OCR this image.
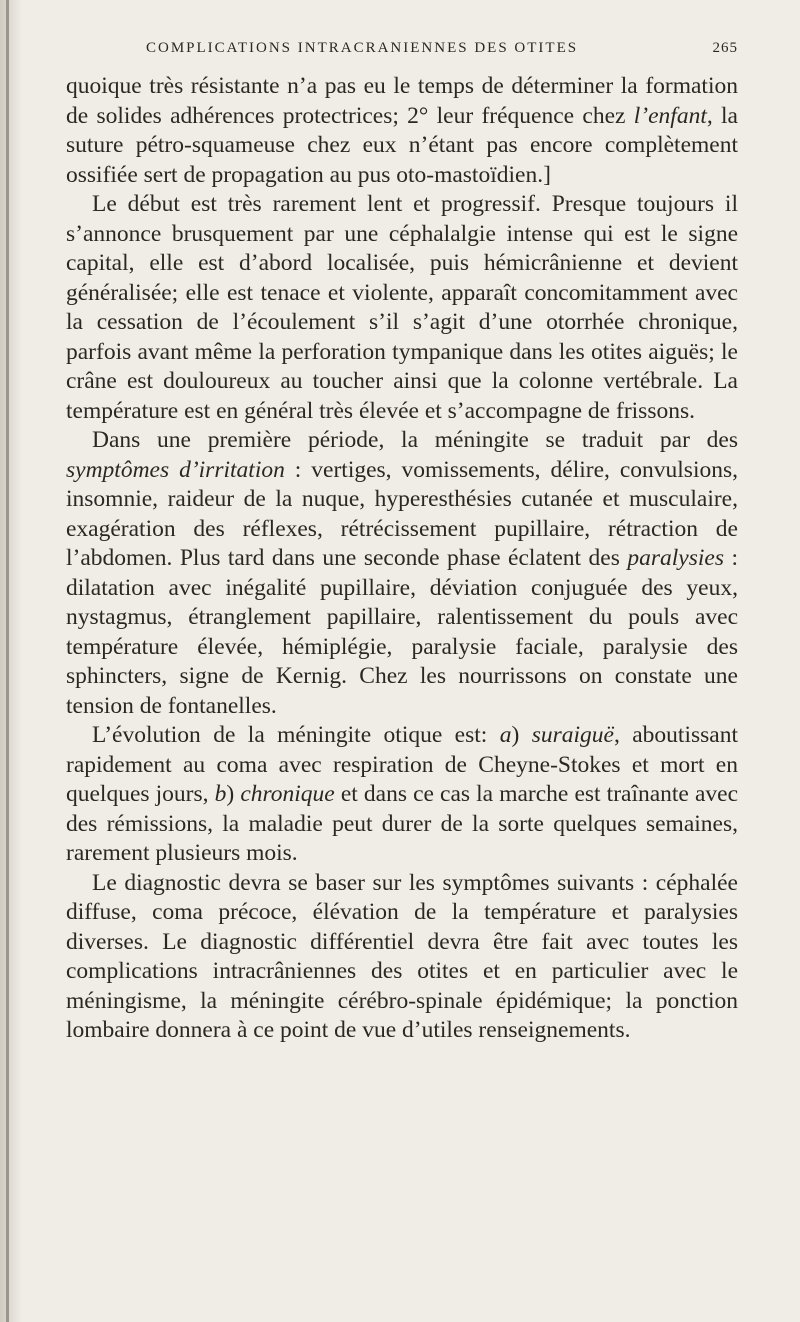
COMPLICATIONS INTRACRANIENNES DES OTITES	265

quoique très résistante n’a pas eu le temps de déterminer la formation de solides adhérences protectrices; 2° leur fréquence chez l’enfant, la suture pétro-squameuse chez eux n’étant pas encore complètement ossifiée sert de propagation au pus oto-mastoïdien.]

Le début est très rarement lent et progressif. Presque toujours il s’annonce brusquement par une céphalalgie intense qui est le signe capital, elle est d’abord localisée, puis hémicrânienne et devient généralisée; elle est tenace et violente, apparaît concomitamment avec la cessation de l’écoulement s’il s’agit d’une otorrhée chronique, parfois avant même la perforation tympanique dans les otites aiguës; le crâne est douloureux au toucher ainsi que la colonne vertébrale. La température est en général très élevée et s’accompagne de frissons.

Dans une première période, la méningite se traduit par des symptômes d’irritation : vertiges, vomissements, délire, convulsions, insomnie, raideur de la nuque, hyperesthésies cutanée et musculaire, exagération des réflexes, rétrécissement pupillaire, rétraction de l’abdomen. Plus tard dans une seconde phase éclatent des paralysies : dilatation avec inégalité pupillaire, déviation conjuguée des yeux, nystagmus, étranglement papillaire, ralentissement du pouls avec température élevée, hémiplégie, paralysie faciale, paralysie des sphincters, signe de Kernig. Chez les nourrissons on constate une tension de fontanelles.

L’évolution de la méningite otique est: a) suraiguë, aboutissant rapidement au coma avec respiration de Cheyne-Stokes et mort en quelques jours, b) chronique et dans ce cas la marche est traînante avec des rémissions, la maladie peut durer de la sorte quelques semaines, rarement plusieurs mois.

Le diagnostic devra se baser sur les symptômes suivants : céphalée diffuse, coma précoce, élévation de la température et paralysies diverses. Le diagnostic différentiel devra être fait avec toutes les complications intracrâniennes des otites et en particulier avec le méningisme, la méningite cérébro-spinale épidémique; la ponction lombaire donnera à ce point de vue d’utiles renseignements.
